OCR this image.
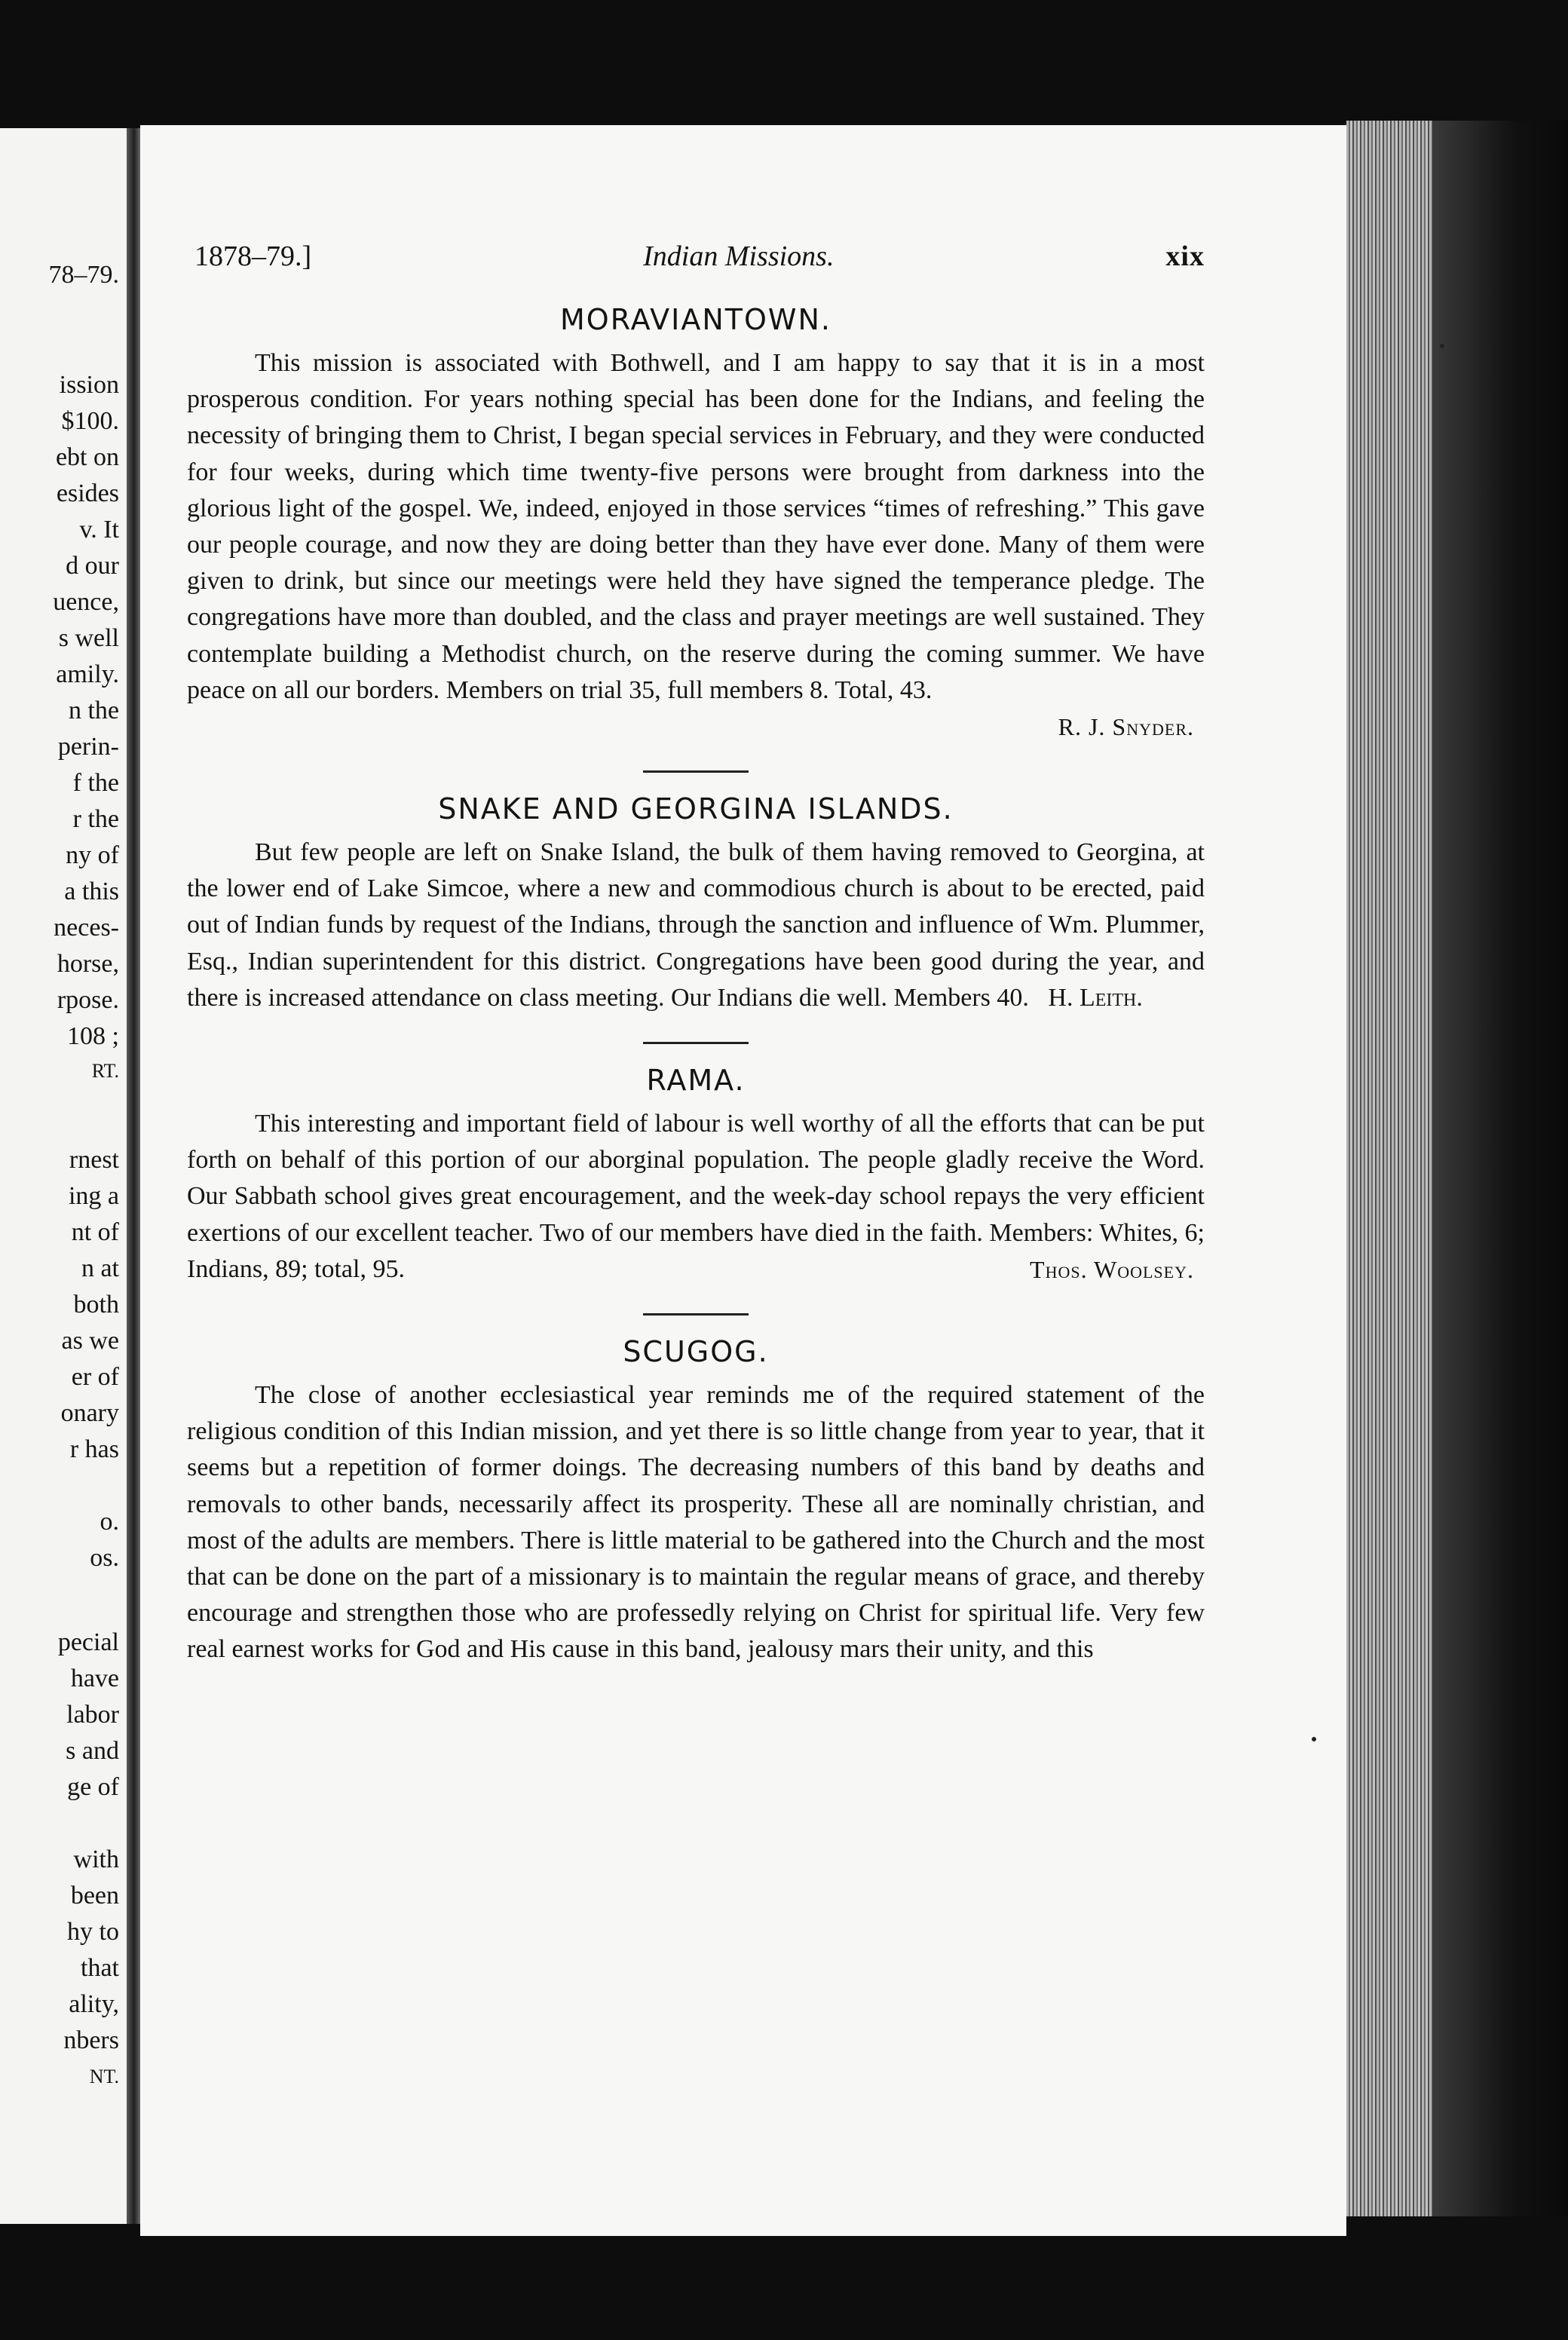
78–79.
ission
$100.
ebt on
esides
v. It
d our
uence,
s well
amily.
n the
perin-
f the
r the
ny of
a this
neces-
horse,
rpose.
108 ;
RT.
rnest
ing a
nt of
n at
both
as we
er of
onary
r has
o.
os.
pecial
have
labor
s and
ge of
with
been
hy to
that
ality,
nbers
NT.
1878–79.]	Indian Missions.	xix
MORAVIANTOWN.

This mission is associated with Bothwell, and I am happy to say that it is in a most prosperous condition. For years nothing special has been done for the Indians, and feeling the necessity of bringing them to Christ, I began special services in February, and they were conducted for four weeks, during which time twenty-five persons were brought from darkness into the glorious light of the gospel. We, indeed, enjoyed in those services “times of refreshing.” This gave our people courage, and now they are doing better than they have ever done. Many of them were given to drink, but since our meetings were held they have signed the temperance pledge. The congregations have more than doubled, and the class and prayer meetings are well sustained. They contemplate building a Methodist church, on the reserve during the coming summer. We have peace on all our borders. Members on trial 35, full members 8. Total, 43.

R. J. Snyder.
SNAKE AND GEORGINA ISLANDS.

But few people are left on Snake Island, the bulk of them having removed to Georgina, at the lower end of Lake Simcoe, where a new and commodious church is about to be erected, paid out of Indian funds by request of the Indians, through the sanction and influence of Wm. Plummer, Esq., Indian superintendent for this district. Congregations have been good during the year, and there is increased attendance on class meeting. Our Indians die well. Members 40. H. Leith.

RAMA.

This interesting and important field of labour is well worthy of all the efforts that can be put forth on behalf of this portion of our aborginal population. The people gladly receive the Word. Our Sabbath school gives great encouragement, and the week-day school repays the very efficient exertions of our excellent teacher. Two of our members have died in the faith. Members: Whites, 6; Indians, 89; total, 95.	Thos. Woolsey.
SCUGOG.

The close of another ecclesiastical year reminds me of the required statement of the religious condition of this Indian mission, and yet there is so little change from year to year, that it seems but a repetition of former doings. The decreasing numbers of this band by deaths and removals to other bands, necessarily affect its prosperity. These all are nominally christian, and most of the adults are members. There is little material to be gathered into the Church and the most that can be done on the part of a missionary is to maintain the regular means of grace, and thereby encourage and strengthen those who are professedly relying on Christ for spiritual life. Very few real earnest works for God and His cause in this band, jealousy mars their unity, and this
